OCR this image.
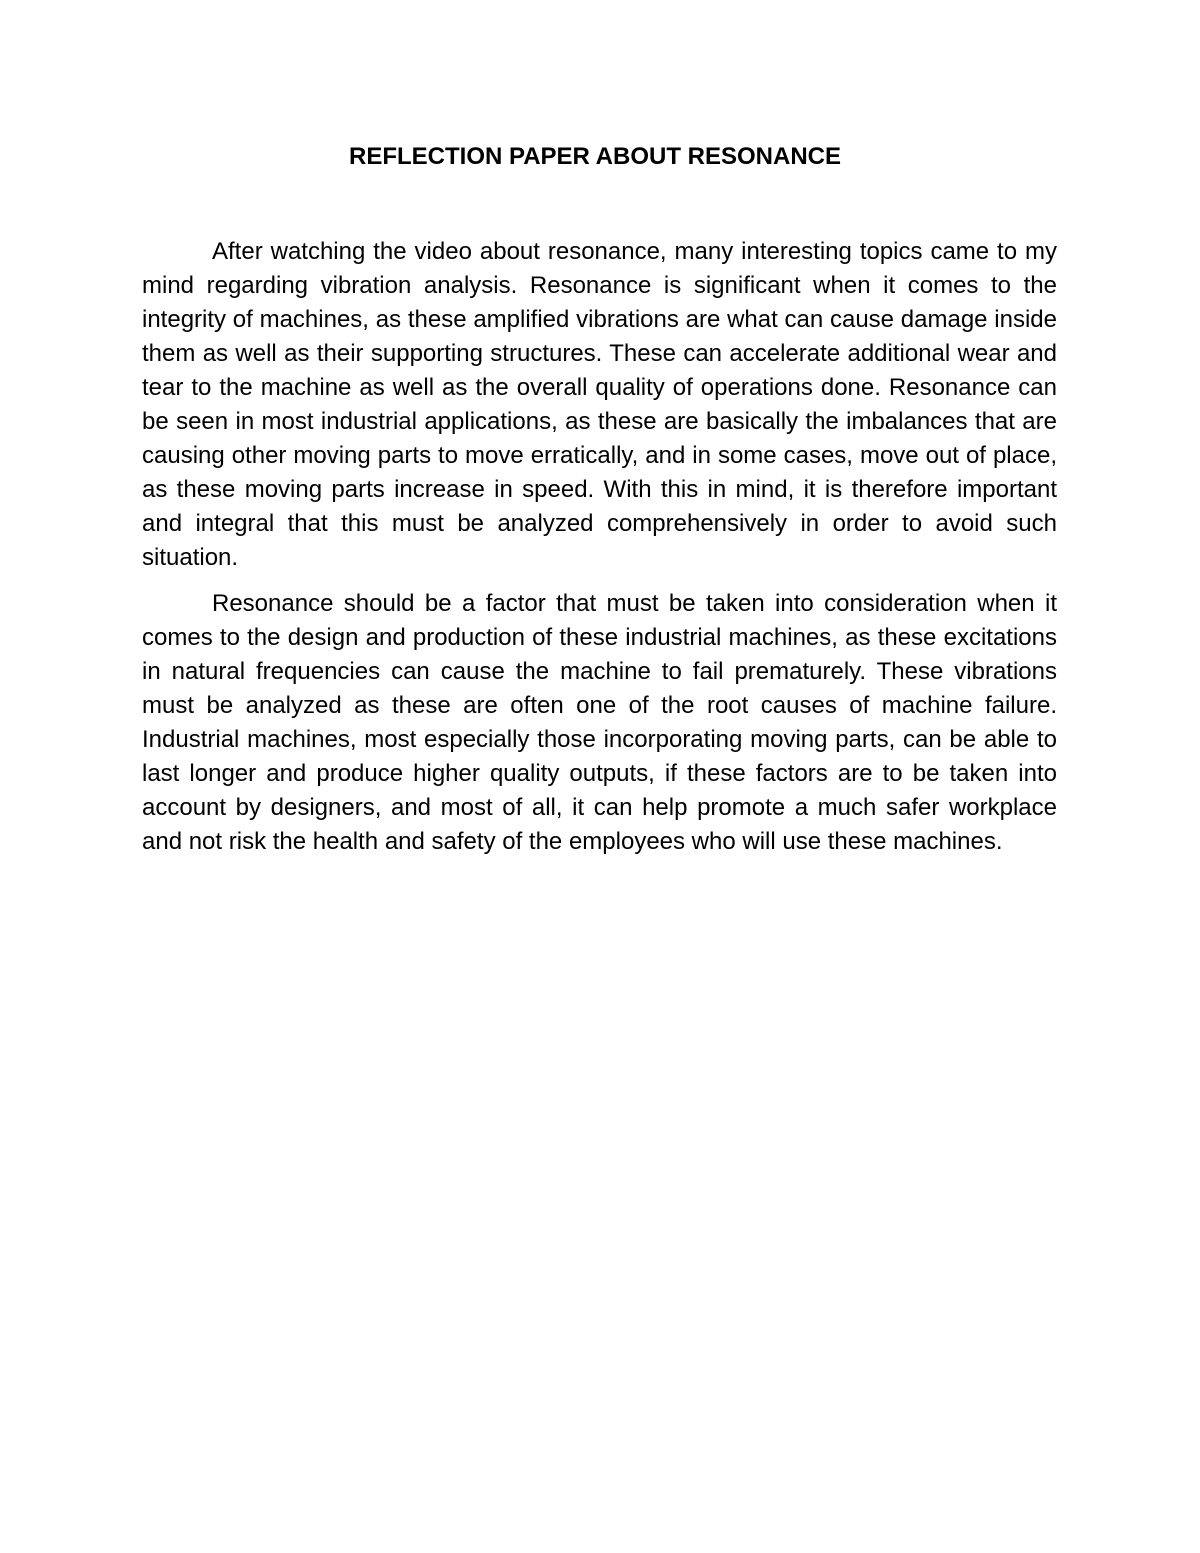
REFLECTION PAPER ABOUT RESONANCE

After watching the video about resonance, many interesting topics came to my mind regarding vibration analysis. Resonance is significant when it comes to the integrity of machines, as these amplified vibrations are what can cause damage inside them as well as their supporting structures. These can accelerate additional wear and tear to the machine as well as the overall quality of operations done. Resonance can be seen in most industrial applications, as these are basically the imbalances that are causing other moving parts to move erratically, and in some cases, move out of place, as these moving parts increase in speed. With this in mind, it is therefore important and integral that this must be analyzed comprehensively in order to avoid such situation.

Resonance should be a factor that must be taken into consideration when it comes to the design and production of these industrial machines, as these excitations in natural frequencies can cause the machine to fail prematurely. These vibrations must be analyzed as these are often one of the root causes of machine failure. Industrial machines, most especially those incorporating moving parts, can be able to last longer and produce higher quality outputs, if these factors are to be taken into account by designers, and most of all, it can help promote a much safer workplace and not risk the health and safety of the employees who will use these machines.
